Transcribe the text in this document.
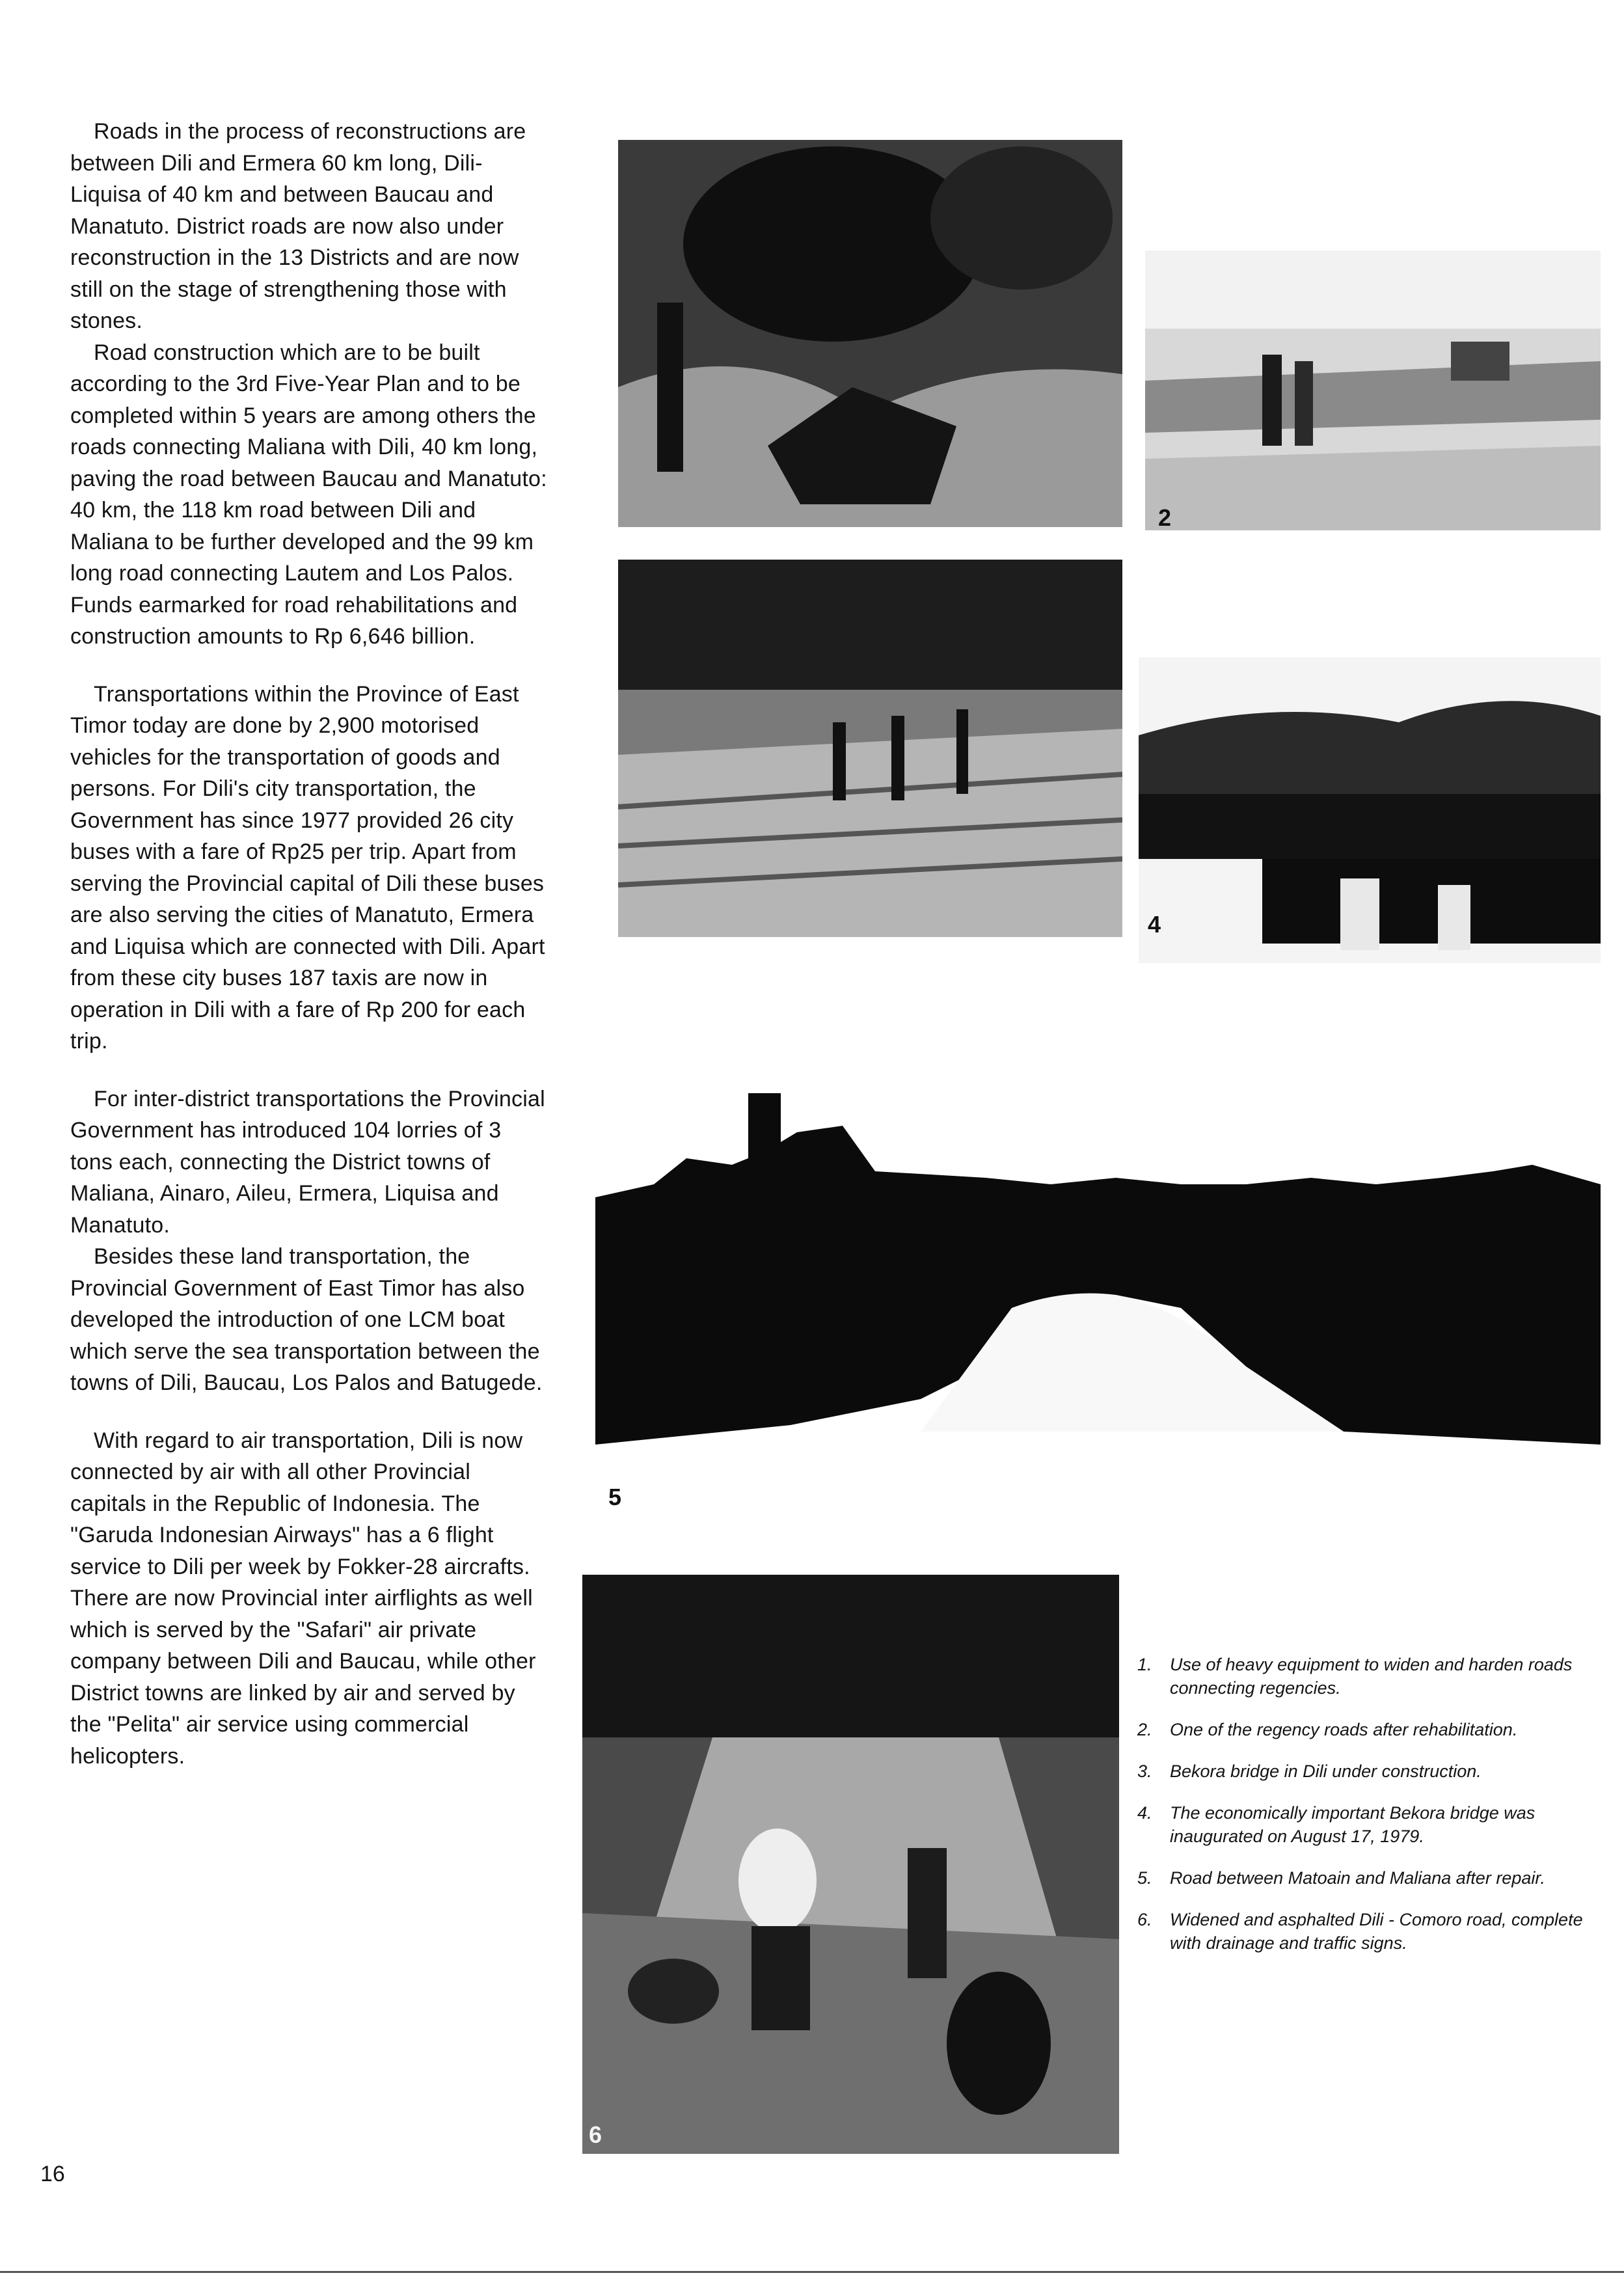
Roads in the process of reconstructions are between Dili and Ermera 60 km long, Dili-Liquisa of 40 km and between Baucau and Manatuto. District roads are now also under reconstruction in the 13 Districts and are now still on the stage of strengthening those with stones.

Road construction which are to be built according to the 3rd Five-Year Plan and to be completed within 5 years are among others the roads connecting Maliana with Dili, 40 km long, paving the road between Baucau and Manatuto: 40 km, the 118 km road between Dili and Maliana to be further developed and the 99 km long road connecting Lautem and Los Palos. Funds earmarked for road rehabilitations and construction amounts to Rp 6,646 billion.

Transportations within the Province of East Timor today are done by 2,900 motorised vehicles for the transportation of goods and persons. For Dili's city transportation, the Government has since 1977 provided 26 city buses with a fare of Rp25 per trip. Apart from serving the Provincial capital of Dili these buses are also serving the cities of Manatuto, Ermera and Liquisa which are connected with Dili. Apart from these city buses 187 taxis are now in operation in Dili with a fare of Rp 200 for each trip.

For inter-district transportations the Provincial Government has introduced 104 lorries of 3 tons each, connecting the District towns of Maliana, Ainaro, Aileu, Ermera, Liquisa and Manatuto.

Besides these land transportation, the Provincial Government of East Timor has also developed the introduction of one LCM boat which serve the sea transportation between the towns of Dili, Baucau, Los Palos and Batugede.

With regard to air transportation, Dili is now connected by air with all other Provincial capitals in the Republic of Indonesia. The "Garuda Indonesian Airways" has a 6 flight service to Dili per week by Fokker-28 aircrafts. There are now Provincial inter airflights as well which is served by the "Safari" air private company between Dili and Baucau, while other District towns are linked by air and served by the "Pelita" air service using commercial helicopters.

2
4
5
6
1. Use of heavy equipment to widen and harden roads connecting regencies.
2. One of the regency roads after rehabilitation.
3. Bekora bridge in Dili under construction.
4. The economically important Bekora bridge was inaugurated on August 17, 1979.
5. Road between Matoain and Maliana after repair.
6. Widened and asphalted Dili - Comoro road, complete with drainage and traffic signs.
16
